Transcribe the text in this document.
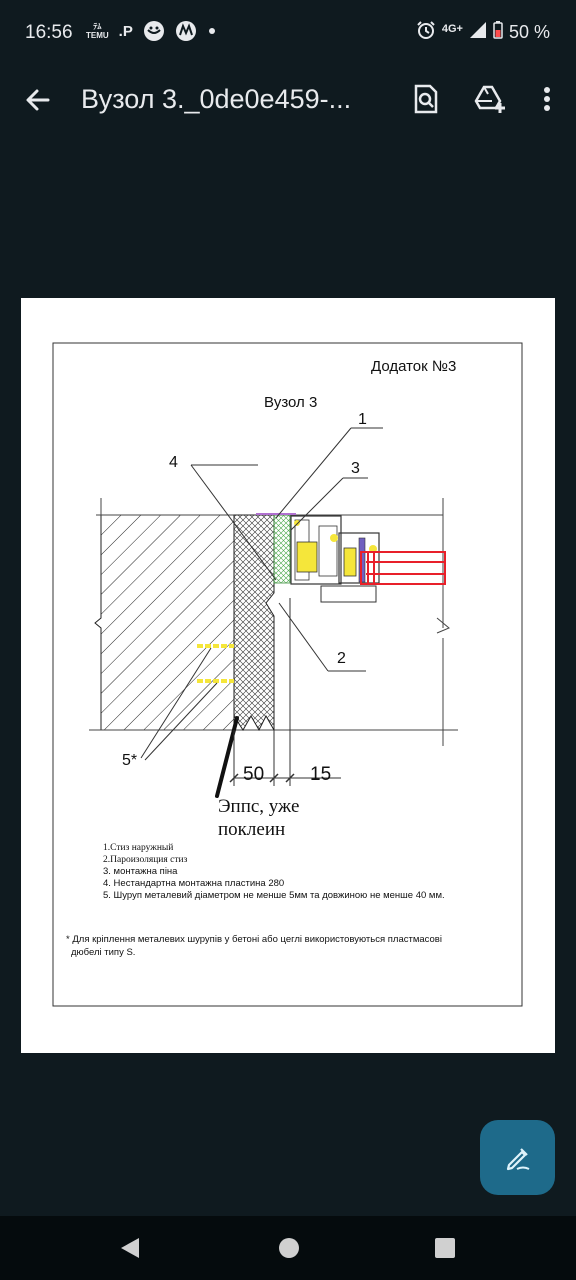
16:56	ﾃﾑ
TEMU .P	4G+	50 %
Вузол 3._0de0e459-...
Додаток №3
Вузол 3
1
3
4
2
5*
50 15
Эппс, уже
поклеин
1.Стиз наружный
2.Пароизоляция стиз
3. монтажна піна
4. Нестандартна монтажна пластина 280
5. Шуруп металевий діаметром не менше 5мм та довжиною не менше 40 мм.
* Для кріплення металевих шурупів у бетоні або цеглі використовуються пластмасові
дюбелі типу S.
